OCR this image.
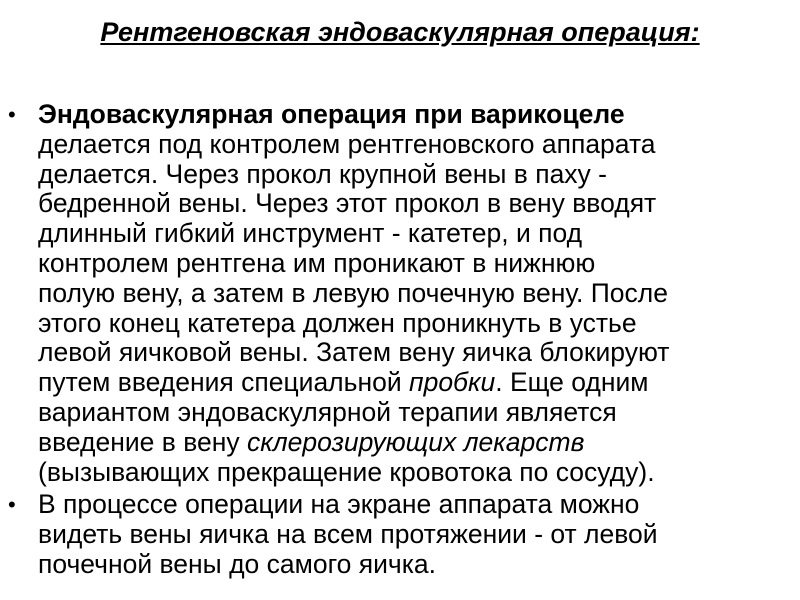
Рентгеновская эндоваскулярная операция:
• Эндоваскулярная операция при варикоцеле
делается под контролем рентгеновского аппарата
делается. Через прокол крупной вены в паху -
бедренной вены. Через этот прокол в вену вводят
длинный гибкий инструмент - катетер, и под
контролем рентгена им проникают в нижнюю
полую вену, а затем в левую почечную вену. После
этого конец катетера должен проникнуть в устье
левой яичковой вены. Затем вену яичка блокируют
путем введения специальной пробки. Еще одним
вариантом эндоваскулярной терапии является
введение в вену склерозирующих лекарств
(вызывающих прекращение кровотока по сосуду).
• В процессе операции на экране аппарата можно
видеть вены яичка на всем протяжении - от левой
почечной вены до самого яичка.
